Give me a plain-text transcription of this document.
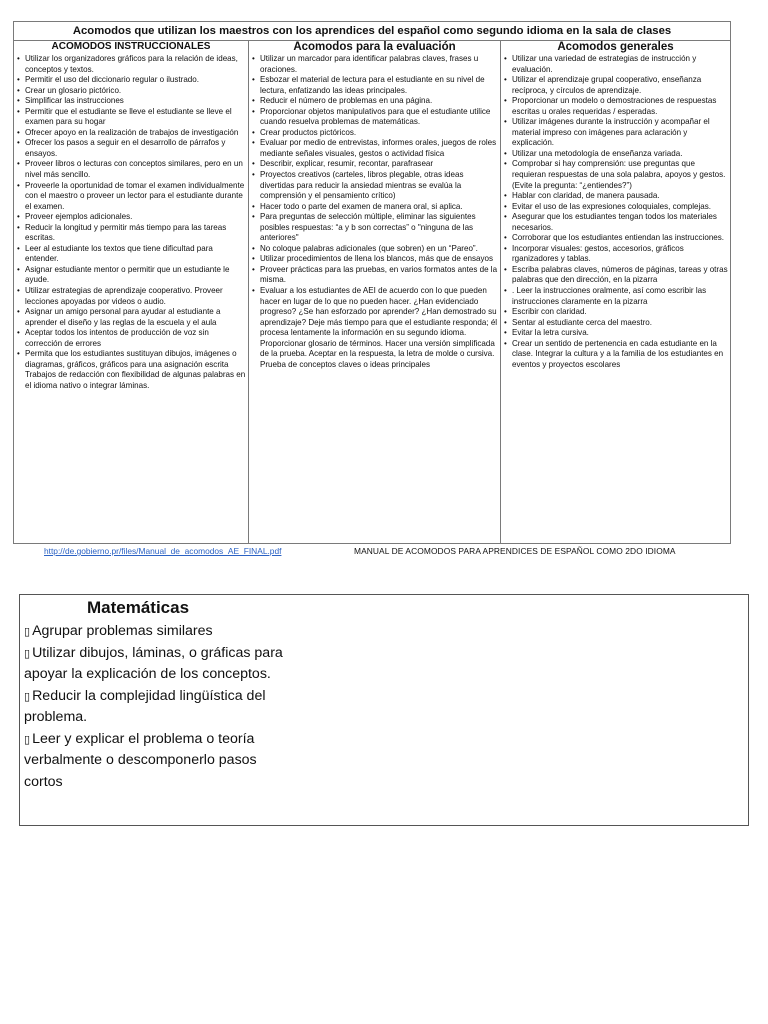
Acomodos que utilizan los maestros con los aprendices del español como segundo idioma en la sala de clases
ACOMODOS INSTRUCCIONALES
• Utilizar los organizadores gráficos para la relación de ideas, conceptos y textos.
• Permitir el uso del diccionario regular o ilustrado.
• Crear un glosario pictórico.
• Simplificar las instrucciones
• Permitir que el estudiante se lleve el estudiante se lleve el examen para su hogar
• Ofrecer apoyo en la realización de trabajos de investigación
• Ofrecer los pasos a seguir en el desarrollo de párrafos y ensayos.
• Proveer libros o lecturas con conceptos similares, pero en un nivel más sencillo.
• Proveerle la oportunidad de tomar el examen individualmente con el maestro o proveer un lector para el estudiante durante el examen.
• Proveer ejemplos adicionales.
• Reducir la longitud y permitir más tiempo para las tareas escritas.
• Leer al estudiante los textos que tiene dificultad para entender.
• Asignar estudiante mentor o permitir que un estudiante le ayude.
• Utilizar estrategias de aprendizaje cooperativo. Proveer lecciones apoyadas por videos o audio.
• Asignar un amigo personal para ayudar al estudiante a aprender el diseño y las reglas de la escuela y el aula
• Aceptar todos los intentos de producción de voz sin corrección de errores
• Permita que los estudiantes sustituyan dibujos, imágenes o diagramas, gráficos, gráficos para una asignación escrita Trabajos de redacción con flexibilidad de algunas palabras en el idioma nativo o integrar láminas.
Acomodos para la evaluación
• Utilizar un marcador para identificar palabras claves, frases u oraciones.
• Esbozar el material de lectura para el estudiante en su nivel de lectura, enfatizando las ideas principales.
• Reducir el número de problemas en una página.
• Proporcionar objetos manipulativos para que el estudiante utilice cuando resuelva problemas de matemáticas.
• Crear productos pictóricos.
• Evaluar por medio de entrevistas, informes orales, juegos de roles mediante señales visuales, gestos o actividad física
• Describir, explicar, resumir, recontar, parafrasear
• Proyectos creativos (carteles, libros plegable, otras ideas divertidas para reducir la ansiedad mientras se evalúa la comprensión y el pensamiento crítico)
• Hacer todo o parte del examen de manera oral, si aplica.
• Para preguntas de selección múltiple, eliminar las siguientes posibles respuestas: “a y b son correctas” o "ninguna de las anteriores"
• No coloque palabras adicionales (que sobren) en un “Pareo”.
• Utilizar procedimientos de llena los blancos, más que de ensayos
• Proveer prácticas para las pruebas, en varios formatos antes de la misma.
• Evaluar a los estudiantes de AEI de acuerdo con lo que pueden hacer en lugar de lo que no pueden hacer. ¿Han evidenciado progreso? ¿Se han esforzado por aprender? ¿Han demostrado su aprendizaje? Deje más tiempo para que el estudiante responda; él procesa lentamente la información en su segundo idioma. Proporcionar glosario de términos. Hacer una versión simplificada de la prueba. Aceptar en la respuesta, la letra de molde o cursiva. Prueba de conceptos claves o ideas principales
Acomodos generales
• Utilizar una variedad de estrategias de instrucción y evaluación.
• Utilizar el aprendizaje grupal cooperativo, enseñanza recíproca, y círculos de aprendizaje.
• Proporcionar un modelo o demostraciones de respuestas escritas u orales requeridas / esperadas.
• Utilizar imágenes durante la instrucción y acompañar el material impreso con imágenes para aclaración y explicación.
• Utilizar una metodología de enseñanza variada.
• Comprobar si hay comprensión: use preguntas que requieran respuestas de una sola palabra, apoyos y gestos. (Evite la pregunta: “¿entiendes?”)
• Hablar con claridad, de manera pausada.
• Evitar el uso de las expresiones coloquiales, complejas.
• Asegurar que los estudiantes tengan todos los materiales necesarios.
• Corroborar que los estudiantes entiendan las instrucciones.
• Incorporar visuales: gestos, accesorios, gráficos rganizadores y tablas.
• Escriba palabras claves, números de páginas, tareas y otras palabras que den dirección, en la pizarra
• . Leer la instrucciones oralmente, así como escribir las instrucciones claramente en la pizarra
• Escribir con claridad.
• Sentar al estudiante cerca del maestro.
• Evitar la letra cursiva.
• Crear un sentido de pertenencia en cada estudiante en la clase. Integrar la cultura y a la familia de los estudiantes en eventos y proyectos escolares
http://de.gobierno.pr/files/Manual_de_acomodos_AE_FINAL.pdf	MANUAL DE ACOMODOS PARA APRENDICES DE ESPAÑOL COMO 2DO IDIOMA
Matemáticas
▯ Agrupar problemas similares
▯ Utilizar dibujos, láminas, o gráficas para apoyar la explicación de los conceptos.
▯ Reducir la complejidad lingüística del problema.
▯ Leer y explicar el problema o teoría verbalmente o descomponerlo pasos cortos
